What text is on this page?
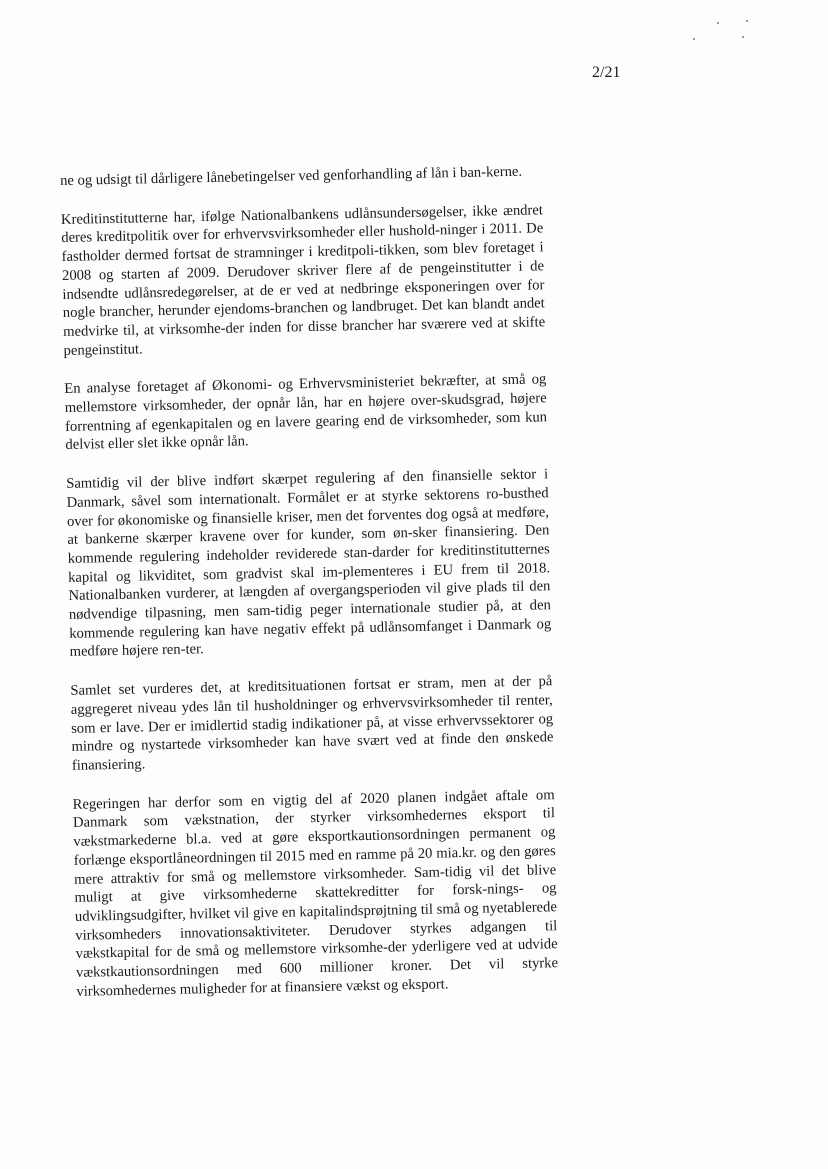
2/21

ne og udsigt til dårligere lånebetingelser ved genforhandling af lån i ban-kerne.

Kreditinstitutterne har, ifølge Nationalbankens udlånsundersøgelser, ikke ændret deres kreditpolitik over for erhvervsvirksomheder eller hushold-ninger i 2011. De fastholder dermed fortsat de stramninger i kreditpoli-tikken, som blev foretaget i 2008 og starten af 2009. Derudover skriver flere af de pengeinstitutter i de indsendte udlånsredegørelser, at de er ved at nedbringe eksponeringen over for nogle brancher, herunder ejendoms-branchen og landbruget. Det kan blandt andet medvirke til, at virksomhe-der inden for disse brancher har sværere ved at skifte pengeinstitut.

En analyse foretaget af Økonomi- og Erhvervsministeriet bekræfter, at små og mellemstore virksomheder, der opnår lån, har en højere over-skudsgrad, højere forrentning af egenkapitalen og en lavere gearing end de virksomheder, som kun delvist eller slet ikke opnår lån.

Samtidig vil der blive indført skærpet regulering af den finansielle sektor i Danmark, såvel som internationalt. Formålet er at styrke sektorens ro-busthed over for økonomiske og finansielle kriser, men det forventes dog også at medføre, at bankerne skærper kravene over for kunder, som øn-sker finansiering. Den kommende regulering indeholder reviderede stan-darder for kreditinstitutternes kapital og likviditet, som gradvist skal im-plementeres i EU frem til 2018. Nationalbanken vurderer, at længden af overgangsperioden vil give plads til den nødvendige tilpasning, men sam-tidig peger internationale studier på, at den kommende regulering kan have negativ effekt på udlånsomfanget i Danmark og medføre højere ren-ter.

Samlet set vurderes det, at kreditsituationen fortsat er stram, men at der på aggregeret niveau ydes lån til husholdninger og erhvervsvirksomheder til renter, som er lave. Der er imidlertid stadig indikationer på, at visse erhvervssektorer og mindre og nystartede virksomheder kan have svært ved at finde den ønskede finansiering.

Regeringen har derfor som en vigtig del af 2020 planen indgået aftale om Danmark som vækstnation, der styrker virksomhedernes eksport til vækstmarkederne bl.a. ved at gøre eksportkautionsordningen permanent og forlænge eksportlåneordningen til 2015 med en ramme på 20 mia.kr. og den gøres mere attraktiv for små og mellemstore virksomheder. Sam-tidig vil det blive muligt at give virksomhederne skattekreditter for forsk-nings- og udviklingsudgifter, hvilket vil give en kapitalindsprøjtning til små og nyetablerede virksomheders innovationsaktiviteter. Derudover styrkes adgangen til vækstkapital for de små og mellemstore virksomhe-der yderligere ved at udvide vækstkautionsordningen med 600 millioner kroner. Det vil styrke virksomhedernes muligheder for at finansiere vækst og eksport.
